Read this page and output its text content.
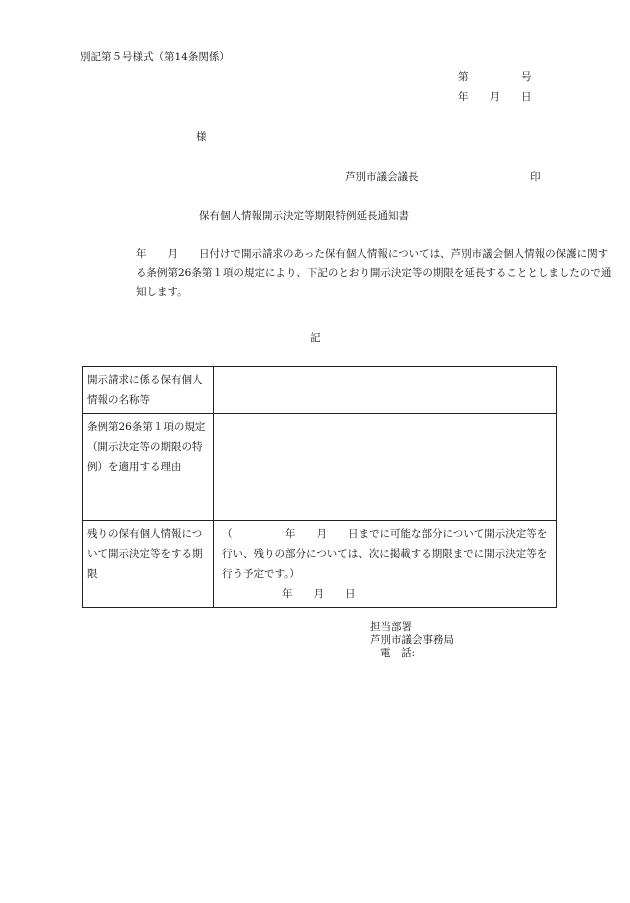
別記第５号様式（第14条関係）
第　　　　　号
年　　月　　日
様
芦別市議会議長	印
保有個人情報開示決定等期限特例延長通知書
年　　月　　日付けで開示請求のあった保有個人情報については、芦別市議会個人情報の保護に関する条例第26条第１項の規定により、下記のとおり開示決定等の期限を延長することとしましたので通知します。
記
開示請求に係る保有個人情報の名称等	
条例第26条第１項の規定（開示決定等の期限の特例）を適用する理由	
残りの保有個人情報について開示決定等をする期限	（　　　　　年　　月　　日までに可能な部分について開示決定等を行い、残りの部分については、次に掲載する期限までに開示決定等を行う予定です。）
年　　月　　日
担当部署
芦別市議会事務局
電　話:
